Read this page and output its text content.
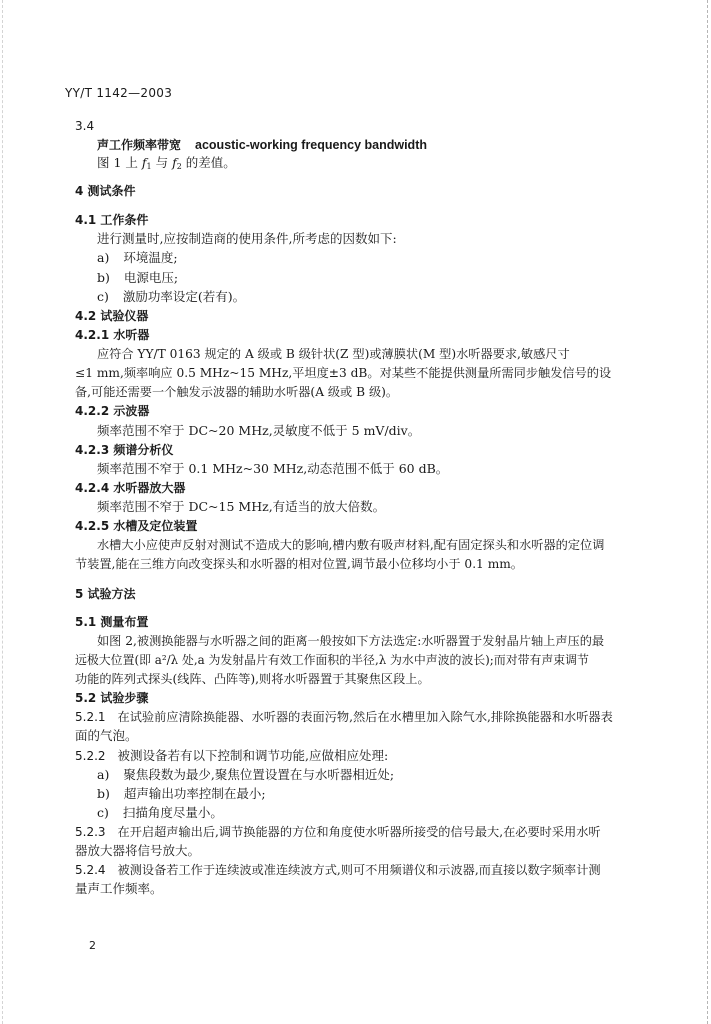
YY/T 1142—2003
3.4
声工作频率带宽 acoustic-working frequency bandwidth
图 1 上 $f_1$ 与 $f_2$ 的差值。
4 测试条件
4.1 工作条件
进行测量时,应按制造商的使用条件,所考虑的因数如下:
a) 环境温度;
b) 电源电压;
c) 激励功率设定(若有)。
4.2 试验仪器
4.2.1 水听器
应符合 YY/T 0163 规定的 A 级或 B 级针状(Z 型)或薄膜状(M 型)水听器要求,敏感尺寸
≤1 mm,频率响应 0.5 MHz~15 MHz,平坦度±3 dB。对某些不能提供测量所需同步触发信号的设
备,可能还需要一个触发示波器的辅助水听器(A 级或 B 级)。
4.2.2 示波器
频率范围不窄于 DC~20 MHz,灵敏度不低于 5 mV/div。
4.2.3 频谱分析仪
频率范围不窄于 0.1 MHz~30 MHz,动态范围不低于 60 dB。
4.2.4 水听器放大器
频率范围不窄于 DC~15 MHz,有适当的放大倍数。
4.2.5 水槽及定位装置
水槽大小应使声反射对测试不造成大的影响,槽内敷有吸声材料,配有固定探头和水听器的定位调
节装置,能在三维方向改变探头和水听器的相对位置,调节最小位移均小于 0.1 mm。
5 试验方法
5.1 测量布置
如图 2,被测换能器与水听器之间的距离一般按如下方法选定:水听器置于发射晶片轴上声压的最
远极大位置(即 a²/λ 处,a 为发射晶片有效工作面积的半径,λ 为水中声波的波长);而对带有声束调节
功能的阵列式探头(线阵、凸阵等),则将水听器置于其聚焦区段上。
5.2 试验步骤
5.2.1 在试验前应清除换能器、水听器的表面污物,然后在水槽里加入除气水,排除换能器和水听器表
面的气泡。
5.2.2 被测设备若有以下控制和调节功能,应做相应处理:
a) 聚焦段数为最少,聚焦位置设置在与水听器相近处;
b) 超声输出功率控制在最小;
c) 扫描角度尽量小。
5.2.3 在开启超声输出后,调节换能器的方位和角度使水听器所接受的信号最大,在必要时采用水听
器放大器将信号放大。
5.2.4 被测设备若工作于连续波或准连续波方式,则可不用频谱仪和示波器,而直接以数字频率计测
量声工作频率。
2
